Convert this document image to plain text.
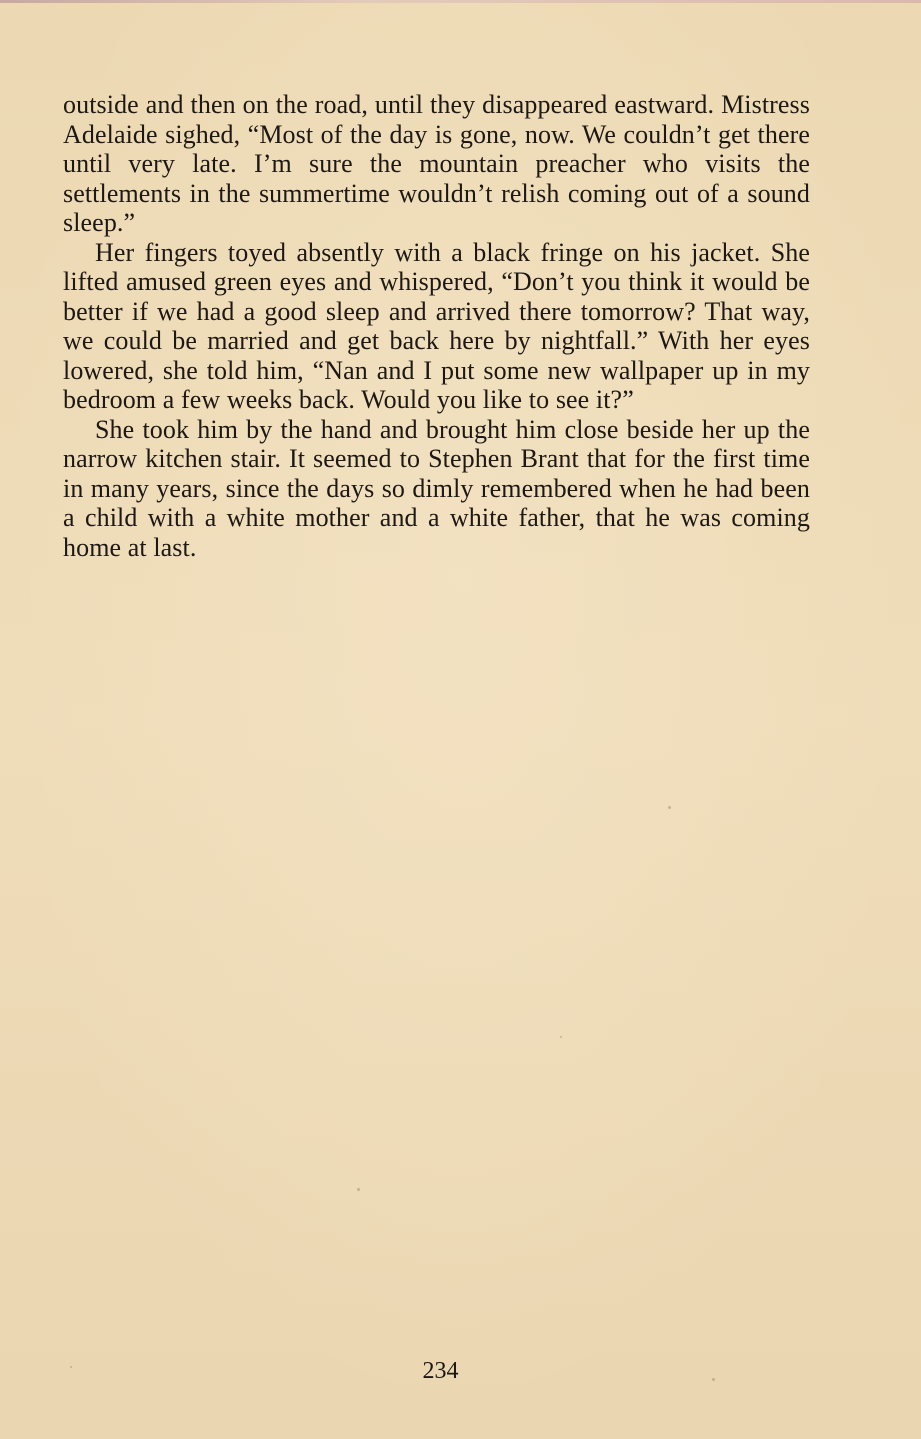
outside and then on the road, until they disappeared eastward. Mistress Adelaide sighed, “Most of the day is gone, now. We couldn’t get there until very late. I’m sure the mountain preacher who visits the settlements in the summertime wouldn’t relish coming out of a sound sleep.”

Her fingers toyed absently with a black fringe on his jacket. She lifted amused green eyes and whispered, “Don’t you think it would be better if we had a good sleep and arrived there tomorrow? That way, we could be married and get back here by nightfall.” With her eyes lowered, she told him, “Nan and I put some new wallpaper up in my bedroom a few weeks back. Would you like to see it?”

She took him by the hand and brought him close beside her up the narrow kitchen stair. It seemed to Stephen Brant that for the first time in many years, since the days so dimly remembered when he had been a child with a white mother and a white father, that he was coming home at last.

234
